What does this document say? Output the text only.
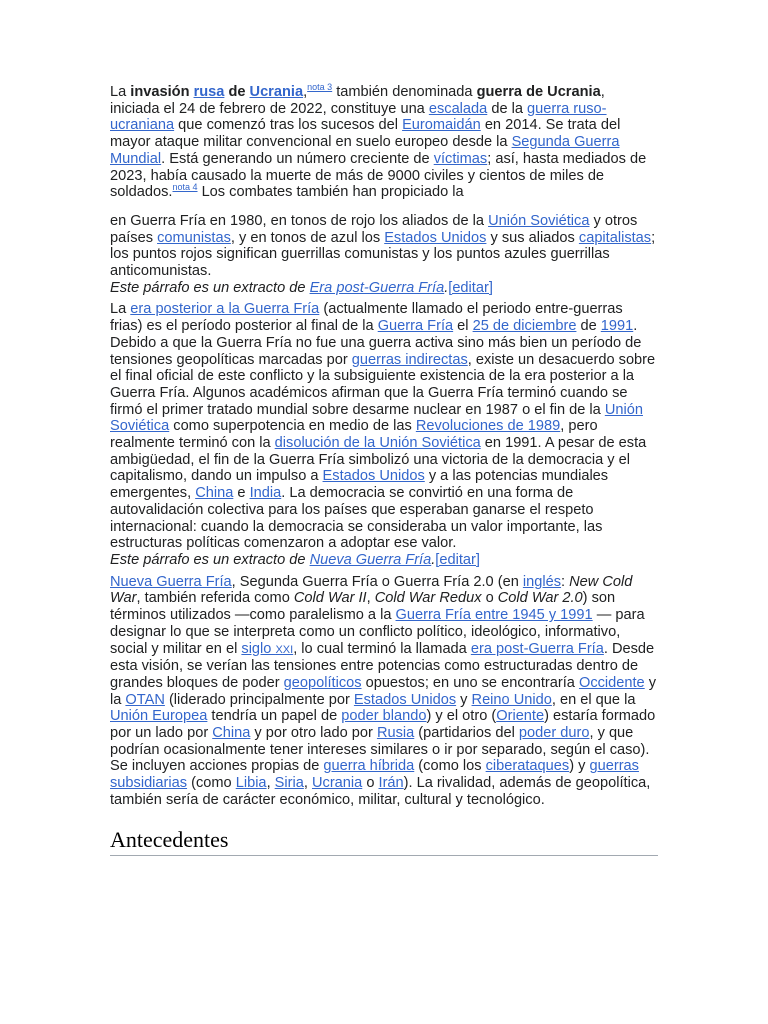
La invasión rusa de Ucrania,$^{nota 3}$ también denominada guerra de Ucrania, iniciada el 24 de febrero de 2022, constituye una escalada de la guerra ruso-ucraniana que comenzó tras los sucesos del Euromaidán en 2014. Se trata del mayor ataque militar convencional en suelo europeo desde la Segunda Guerra Mundial. Está generando un número creciente de víctimas; así, hasta mediados de 2023, había causado la muerte de más de 9000 civiles y cientos de miles de soldados.$^{nota 4}$ Los combates también han propiciado la

en Guerra Fría en 1980, en tonos de rojo los aliados de la Unión Soviética y otros países comunistas, y en tonos de azul los Estados Unidos y sus aliados capitalistas; los puntos rojos significan guerrillas comunistas y los puntos azules guerrillas anticomunistas.

Este párrafo es un extracto de Era post-Guerra Fría.[editar]

La era posterior a la Guerra Fría (actualmente llamado el periodo entre-guerras frias) es el período posterior al final de la Guerra Fría el 25 de diciembre de 1991. Debido a que la Guerra Fría no fue una guerra activa sino más bien un período de tensiones geopolíticas marcadas por guerras indirectas, existe un desacuerdo sobre el final oficial de este conflicto y la subsiguiente existencia de la era posterior a la Guerra Fría. Algunos académicos afirman que la Guerra Fría terminó cuando se firmó el primer tratado mundial sobre desarme nuclear en 1987 o el fin de la Unión Soviética como superpotencia en medio de las Revoluciones de 1989, pero realmente terminó con la disolución de la Unión Soviética en 1991. A pesar de esta ambigüedad, el fin de la Guerra Fría simbolizó una victoria de la democracia y el capitalismo, dando un impulso a Estados Unidos y a las potencias mundiales emergentes, China e India. La democracia se convirtió en una forma de autovalidación colectiva para los países que esperaban ganarse el respeto internacional: cuando la democracia se consideraba un valor importante, las estructuras políticas comenzaron a adoptar ese valor.

Este párrafo es un extracto de Nueva Guerra Fría.[editar]

Nueva Guerra Fría, Segunda Guerra Fría o Guerra Fría 2.0 (en inglés: New Cold War, también referida como Cold War II, Cold War Redux o Cold War 2.0) son términos utilizados —como paralelismo a la Guerra Fría entre 1945 y 1991 — para designar lo que se interpreta como un conflicto político, ideológico, informativo, social y militar en el siglo XXI, lo cual terminó la llamada era post-Guerra Fría. Desde esta visión, se verían las tensiones entre potencias como estructuradas dentro de grandes bloques de poder geopolíticos opuestos; en uno se encontraría Occidente y la OTAN (liderado principalmente por Estados Unidos y Reino Unido, en el que la Unión Europea tendría un papel de poder blando) y el otro (Oriente) estaría formado por un lado por China y por otro lado por Rusia (partidarios del poder duro, y que podrían ocasionalmente tener intereses similares o ir por separado, según el caso). Se incluyen acciones propias de guerra híbrida (como los ciberataques) y guerras subsidiarias (como Libia, Siria, Ucrania o Irán). La rivalidad, además de geopolítica, también sería de carácter económico, militar, cultural y tecnológico.

Antecedentes
